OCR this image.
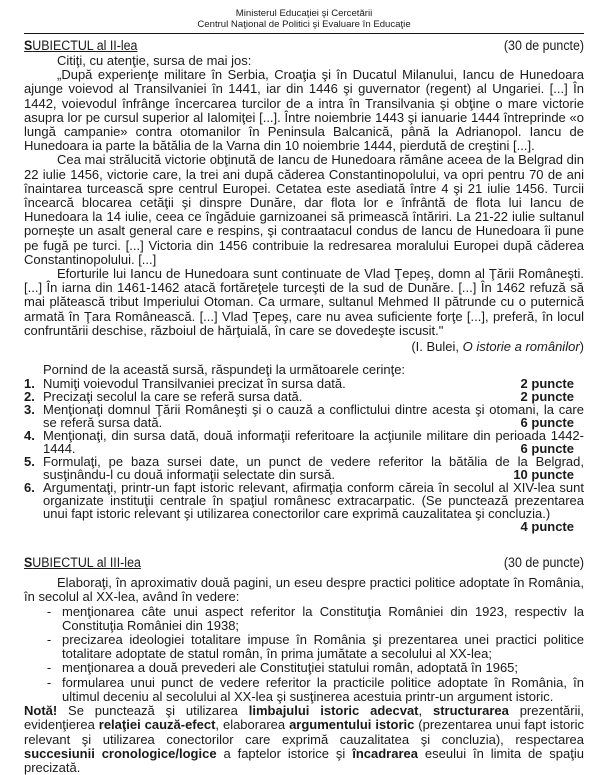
Ministerul Educaţiei şi Cercetării
Centrul Naţional de Politici şi Evaluare în Educaţie
SUBIECTUL al II-lea	(30 de puncte)

Citiţi, cu atenţie, sursa de mai jos:

„După experienţe militare în Serbia, Croaţia şi în Ducatul Milanului, Iancu de Hunedoara ajunge voievod al Transilvaniei în 1441, iar din 1446 şi guvernator (regent) al Ungariei. [...] În 1442, voievodul înfrânge încercarea turcilor de a intra în Transilvania şi obţine o mare victorie asupra lor pe cursul superior al Ialomiţei [...]. Între noiembrie 1443 şi ianuarie 1444 întreprinde «o lungă campanie» contra otomanilor în Peninsula Balcanică, până la Adrianopol. Iancu de Hunedoara ia parte la bătălia de la Varna din 10 noiembrie 1444, pierdută de creştini [...].

Cea mai strălucită victorie obţinută de Iancu de Hunedoara rămâne aceea de la Belgrad din 22 iulie 1456, victorie care, la trei ani după căderea Constantinopolului, va opri pentru 70 de ani înaintarea turcească spre centrul Europei. Cetatea este asediată între 4 şi 21 iulie 1456. Turcii încearcă blocarea cetăţii şi dinspre Dunăre, dar flota lor e înfrântă de flota lui Iancu de Hunedoara la 14 iulie, ceea ce îngăduie garnizoanei să primească întăriri. La 21-22 iulie sultanul porneşte un asalt general care e respins, şi contraatacul condus de Iancu de Hunedoara îi pune pe fugă pe turci. [...] Victoria din 1456 contribuie la redresarea moralului Europei după căderea Constantinopolului. [...]

Eforturile lui Iancu de Hunedoara sunt continuate de Vlad Ţepeş, domn al Ţării Româneşti. [...] În iarna din 1461-1462 atacă fortăreţele turceşti de la sud de Dunăre. [...] În 1462 refuză să mai plătească tribut Imperiului Otoman. Ca urmare, sultanul Mehmed II pătrunde cu o puternică armată în Ţara Românească. [...] Vlad Ţepeş, care nu avea suficiente forţe [...], preferă, în locul confruntării deschise, războiul de hărţuială, în care se dovedeşte iscusit."

(I. Bulei, O istorie a românilor)

Pornind de la această sursă, răspundeţi la următoarele cerinţe:

1. Numiţi voievodul Transilvaniei precizat în sursa dată.	2 puncte
2. Precizaţi secolul la care se referă sursa dată.	2 puncte
3. Menţionaţi domnul Ţării Româneşti şi o cauză a conflictului dintre acesta şi otomani, la care se referă sursa dată.	6 puncte
4. Menţionaţi, din sursa dată, două informaţii referitoare la acţiunile militare din perioada 1442-1444.	6 puncte
5. Formulaţi, pe baza sursei date, un punct de vedere referitor la bătălia de la Belgrad, susţinându-l cu două informaţii selectate din sursă.	10 puncte
6. Argumentaţi, printr-un fapt istoric relevant, afirmaţia conform căreia în secolul al XIV-lea sunt organizate instituţii centrale în spaţiul românesc extracarpatic. (Se punctează prezentarea unui fapt istoric relevant şi utilizarea conectorilor care exprimă cauzalitatea şi concluzia.)
4 puncte
SUBIECTUL al III-lea	(30 de puncte)

Elaboraţi, în aproximativ două pagini, un eseu despre practici politice adoptate în România, în secolul al XX-lea, având în vedere:

- menţionarea câte unui aspect referitor la Constituţia României din 1923, respectiv la Constituţia României din 1938;
- precizarea ideologiei totalitare impuse în România şi prezentarea unei practici politice totalitare adoptate de statul român, în prima jumătate a secolului al XX-lea;
- menţionarea a două prevederi ale Constituţiei statului român, adoptată în 1965;
- formularea unui punct de vedere referitor la practicile politice adoptate în România, în ultimul deceniu al secolului al XX-lea şi susţinerea acestuia printr-un argument istoric.

Notă! Se punctează şi utilizarea limbajului istoric adecvat, structurarea prezentării, evidenţierea relaţiei cauză-efect, elaborarea argumentului istoric (prezentarea unui fapt istoric relevant şi utilizarea conectorilor care exprimă cauzalitatea şi concluzia), respectarea succesiunii cronologice/logice a faptelor istorice şi încadrarea eseului în limita de spaţiu precizată.
